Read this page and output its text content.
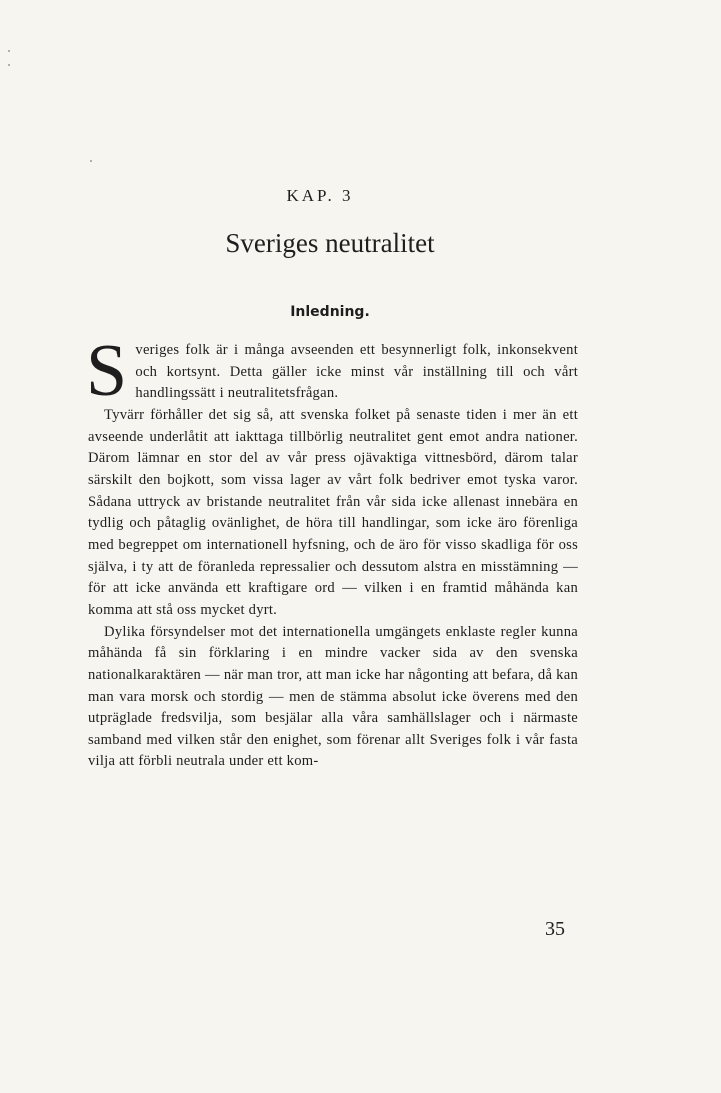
KAP. 3
Sveriges neutralitet
Inledning.

Sveriges folk är i många avseenden ett besynnerligt folk, inkonsekvent och kortsynt. Detta gäller icke minst vår inställning till och vårt handlingssätt i neutralitetsfrågan.

Tyvärr förhåller det sig så, att svenska folket på senaste tiden i mer än ett avseende underlåtit att iakttaga tillbörlig neutralitet gent emot andra nationer. Därom lämnar en stor del av vår press ojävaktiga vittnesbörd, därom talar särskilt den bojkott, som vissa lager av vårt folk bedriver emot tyska varor. Sådana uttryck av bristande neutralitet från vår sida icke allenast innebära en tydlig och påtaglig ovänlighet, de höra till handlingar, som icke äro förenliga med begreppet om internationell hyfsning, och de äro för visso skadliga för oss själva, i ty att de föranleda repressalier och dessutom alstra en misstämning — för att icke använda ett kraftigare ord — vilken i en framtid måhända kan komma att stå oss mycket dyrt.

Dylika försyndelser mot det internationella umgängets enklaste regler kunna måhända få sin förklaring i en mindre vacker sida av den svenska nationalkaraktären — när man tror, att man icke har någonting att befara, då kan man vara morsk och stordig — men de stämma absolut icke överens med den utpräglade fredsvilja, som besjälar alla våra samhällslager och i närmaste samband med vilken står den enighet, som förenar allt Sveriges folk i vår fasta vilja att förbli neutrala under ett kom-

35
